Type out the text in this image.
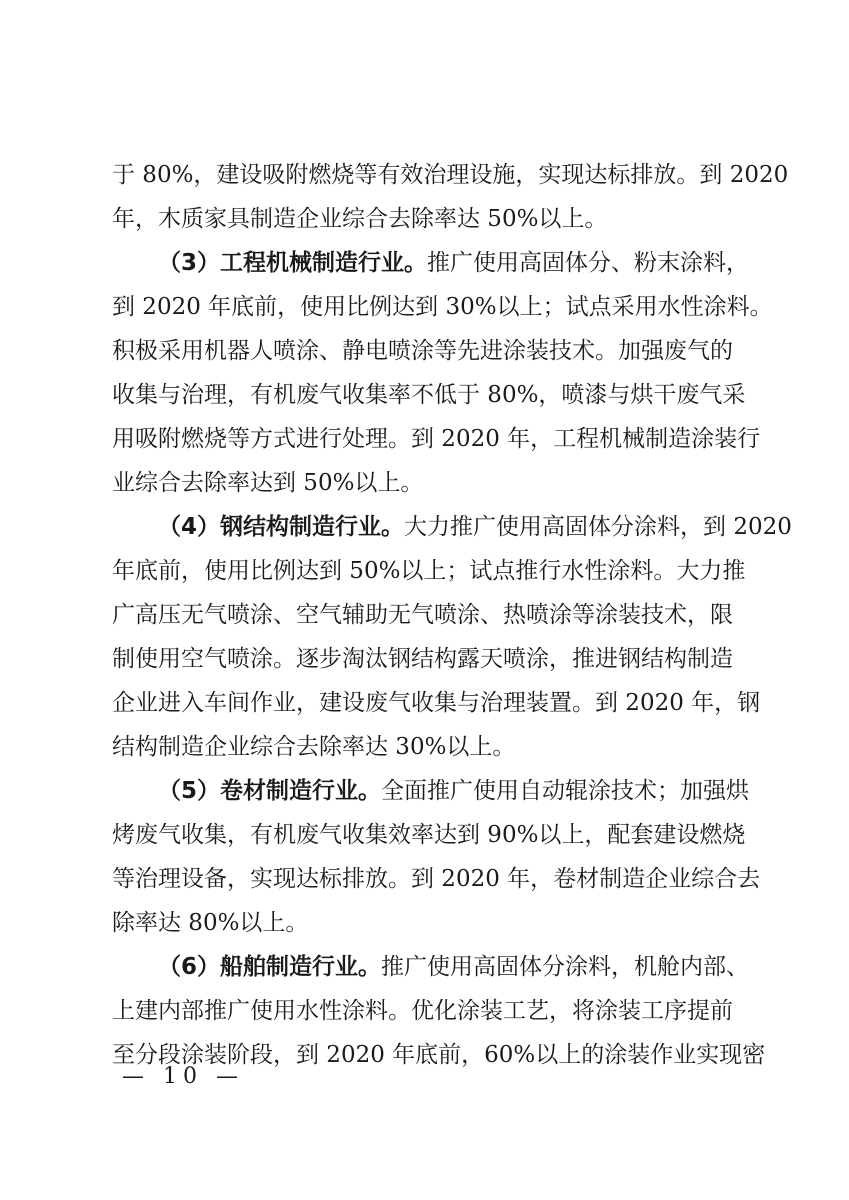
于 80%，建设吸附燃烧等有效治理设施，实现达标排放。到 2020
年，木质家具制造企业综合去除率达 50%以上。
（3）工程机械制造行业。推广使用高固体分、粉末涂料，
到 2020 年底前，使用比例达到 30%以上；试点采用水性涂料。
积极采用机器人喷涂、静电喷涂等先进涂装技术。加强废气的
收集与治理，有机废气收集率不低于 80%，喷漆与烘干废气采
用吸附燃烧等方式进行处理。到 2020 年，工程机械制造涂装行
业综合去除率达到 50%以上。
（4）钢结构制造行业。大力推广使用高固体分涂料，到 2020
年底前，使用比例达到 50%以上；试点推行水性涂料。大力推
广高压无气喷涂、空气辅助无气喷涂、热喷涂等涂装技术，限
制使用空气喷涂。逐步淘汰钢结构露天喷涂，推进钢结构制造
企业进入车间作业，建设废气收集与治理装置。到 2020 年，钢
结构制造企业综合去除率达 30%以上。
（5）卷材制造行业。全面推广使用自动辊涂技术；加强烘
烤废气收集，有机废气收集效率达到 90%以上，配套建设燃烧
等治理设备，实现达标排放。到 2020 年，卷材制造企业综合去
除率达 80%以上。
（6）船舶制造行业。推广使用高固体分涂料，机舱内部、
上建内部推广使用水性涂料。优化涂装工艺，将涂装工序提前
至分段涂装阶段，到 2020 年底前，60%以上的涂装作业实现密
— 10 —
